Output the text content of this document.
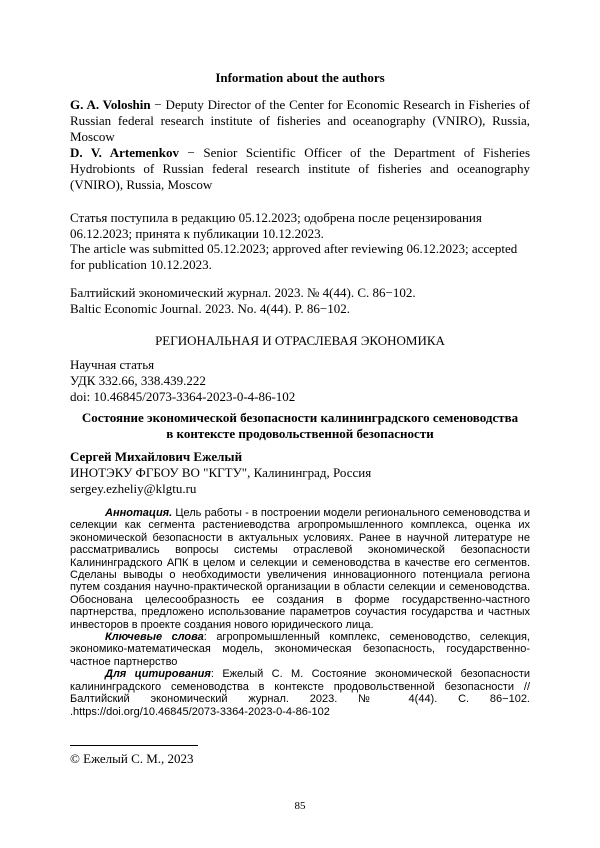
Information about the authors

G. A. Voloshin − Deputy Director of the Center for Economic Research in Fisheries of Russian federal research institute of fisheries and oceanography (VNIRO), Russia, Moscow

D. V. Artemenkov − Senior Scientific Officer of the Department of Fisheries Hydrobionts of Russian federal research institute of fisheries and oceanography (VNIRO), Russia, Moscow

Статья поступила в редакцию 05.12.2023; одобрена после рецензирования 06.12.2023; принята к публикации 10.12.2023.

The article was submitted 05.12.2023; approved after reviewing 06.12.2023; accepted for publication 10.12.2023.

Балтийский экономический журнал. 2023. № 4(44). С. 86−102.

Baltic Economic Journal. 2023. No. 4(44). P. 86−102.

РЕГИОНАЛЬНАЯ И ОТРАСЛЕВАЯ ЭКОНОМИКА

Научная статья

УДК 332.66, 338.439.222

doi: 10.46845/2073-3364-2023-0-4-86-102

Состояние экономической безопасности калининградского семеноводства
в контексте продовольственной безопасности

Сергей Михайлович Ежелый

ИНОТЭКУ ФГБОУ ВО "КГТУ", Калининград, Россия

sergey.ezheliy@klgtu.ru

Аннотация. Цель работы - в построении модели регионального семеноводства и селекции как сегмента растениеводства агропромышленного комплекса, оценка их экономической безопасности в актуальных условиях. Ранее в научной литературе не рассматривались вопросы системы отраслевой экономической безопасности Калининградского АПК в целом и селекции и семеноводства в качестве его сегментов. Сделаны выводы о необходимости увеличения инновационного потенциала региона путем создания научно-практической организации в области селекции и семеноводства. Обоснована целесообразность ее создания в форме государственно-частного партнерства, предложено использование параметров соучастия государства и частных инвесторов в проекте создания нового юридического лица.

Ключевые слова: агропромышленный комплекс, семеноводство, селекция, экономико-математическая модель, экономическая безопасность, государственно-частное партнерство

Для цитирования: Ежелый С. М. Состояние экономической безопасности калининградского семеноводства в контексте продовольственной безопасности // Балтийский экономический журнал. 2023. № 4(44). С. 86−102. .https://doi.org/10.46845/2073-3364-2023-0-4-86-102

© Ежелый С. М., 2023
85
